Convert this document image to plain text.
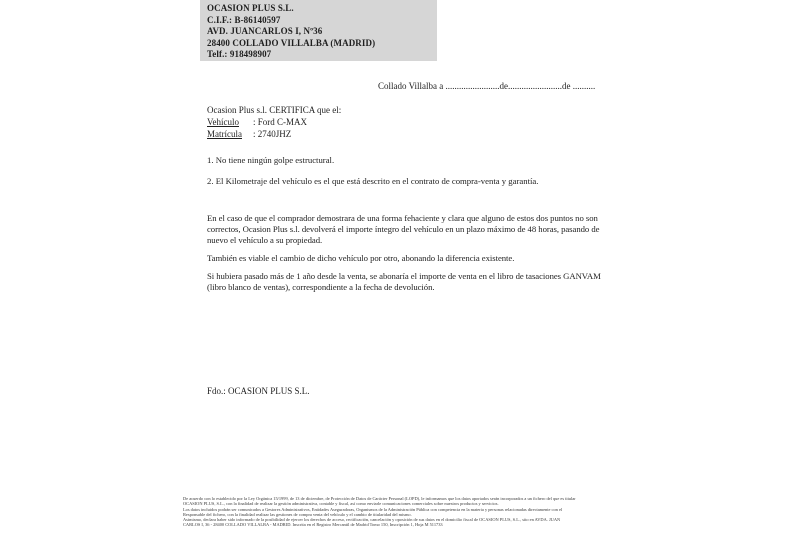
OCASION PLUS S.L.
C.I.F.: B-86140597
AVD. JUANCARLOS I, Nº36
28400 COLLADO VILLALBA (MADRID)
Telf.: 918498907
Collado Villalba a ........................de........................de ..........
Ocasion Plus s.l. CERTIFICA que el:
Vehículo : Ford C-MAX
Matrícula : 2740JHZ
1. No tiene ningún golpe estructural.
2. El Kilometraje del vehículo es el que está descrito en el contrato de compra-venta y garantía.
En el caso de que el comprador demostrara de una forma fehaciente y clara que alguno de estos dos puntos no son correctos, Ocasion Plus s.l. devolverá el importe íntegro del vehículo en un plazo máximo de 48 horas, pasando de nuevo el vehículo a su propiedad.
También es viable el cambio de dicho vehículo por otro, abonando la diferencia existente.
Si hubiera pasado más de 1 año desde la venta, se abonaría el importe de venta en el libro de tasaciones GANVAM (libro blanco de ventas), correspondiente a la fecha de devolución.
Fdo.: OCASION PLUS S.L.
De acuerdo con lo establecido por la Ley Orgánica 15/1999, de 13 de diciembre, de Protección de Datos de Carácter Personal (LOPD), le informamos que los datos aportados serán incorporados a un fichero del que es titular
OCASION PLUS, S.L., con la finalidad de realizar la gestión administrativa, contable y fiscal, así como enviarle comunicaciones comerciales sobre nuestros productos y servicios.
Los datos incluidos podrán ser comunicados a Gestores Administrativos, Entidades Aseguradoras, Organismos de la Administración Pública con competencia en la materia y personas relacionadas directamente con el
Responsable del fichero, con la finalidad realizar las gestiones de compra venta del vehículo y el cambio de titularidad del mismo.
Asimismo, declara haber sido informado de la posibilidad de ejercer los derechos de acceso, rectificación, cancelación y oposición de sus datos en el domicilio fiscal de OCASION PLUS, S.L., sito en AVDA. JUAN
CARLOS I, 36 - 28400 COLLADO VILLALBA - MADRID. Inscrita en el Registro Mercantil de Madrid Tomo 150, Inscripción 1, Hoja M 511733
